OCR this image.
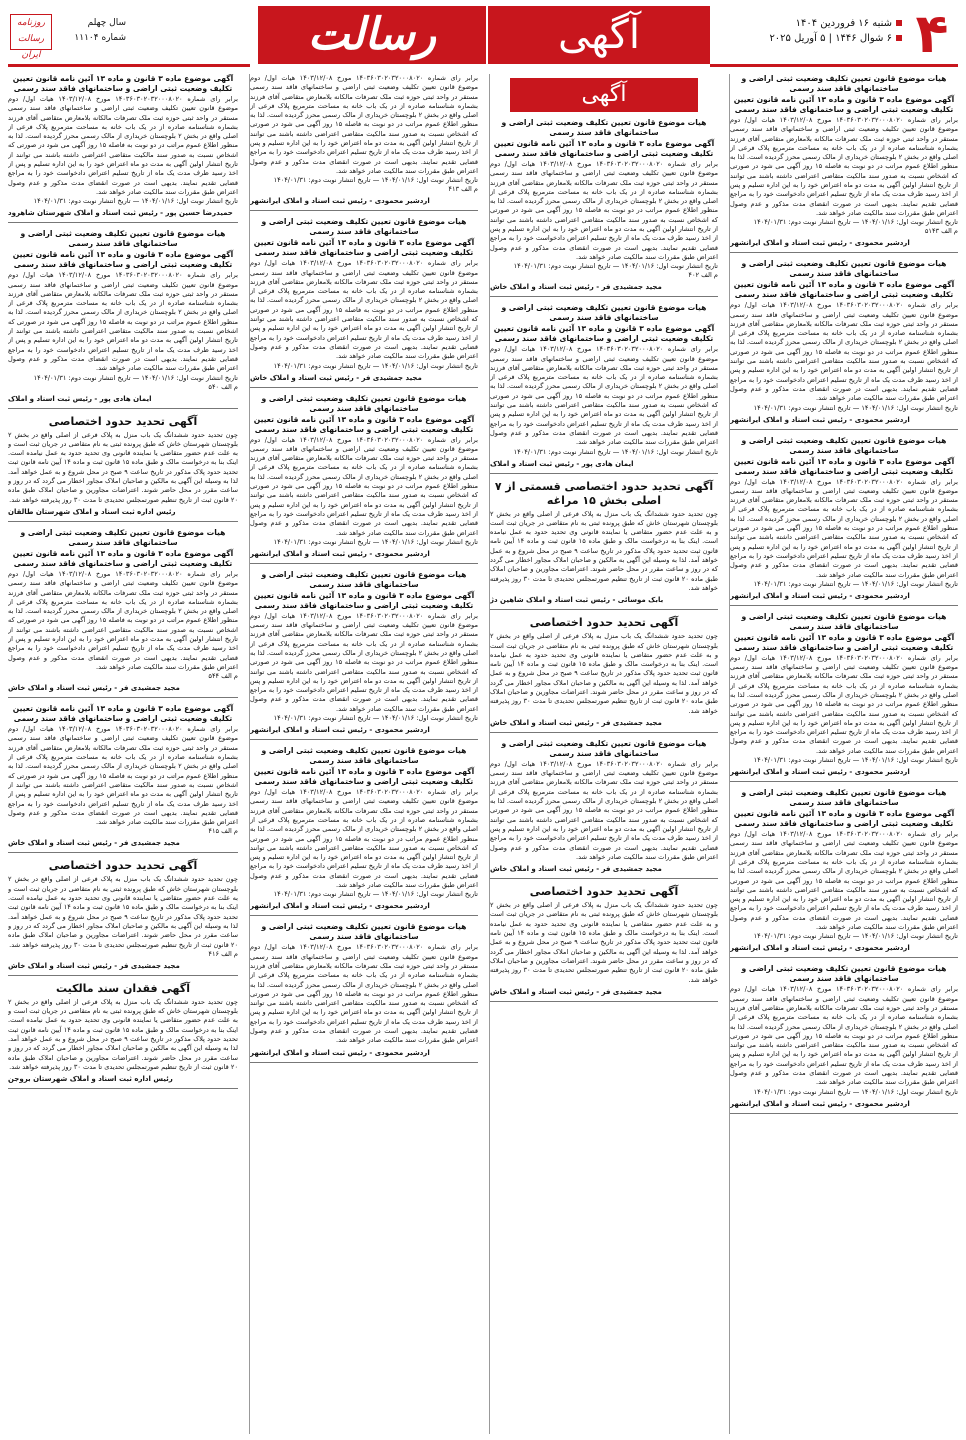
۴
شنبه ۱۶ فروردین ۱۴۰۴
۶ شوال ۱۴۴۶ | ۵ آوریل ۲۰۲۵
آگهی
رسالت
روزنامه رسالت ایران
سال چهلم
شماره ۱۱۱۰۴
هیات موضوع قانون تعیین تکلیف وضعیت ثبتی اراضی و ساختمانهای فاقد سند رسمی
آگهی موضوع ماده ۳ قانون و ماده ۱۳ آئین نامه قانون تعیین تکلیف وضعیت ثبتی اراضی و ساختمانهای فاقد سند رسمی
برابر رای شماره ۱۴۰۳۶۰۳۰۲۰۳۲۰۰۰۸۰۲۰ مورخ ۱۴۰۳/۱۲/۰۸ هیات اول/ دوم موضوع قانون تعیین تکلیف وضعیت ثبتی اراضی و ساختمانهای فاقد سند رسمی مستقر در واحد ثبتی حوزه ثبت ملک تصرفات مالکانه بلامعارض متقاضی آقای فرزند بشماره شناسنامه صادره از در یک باب خانه به مساحت مترمربع پلاک فرعی از اصلی واقع در بخش ۲ بلوچستان خریداری از مالک رسمی محرز گردیده است. لذا به منظور اطلاع عموم مراتب در دو نوبت به فاصله ۱۵ روز آگهی می شود در صورتی که اشخاص نسبت به صدور سند مالکیت متقاضی اعتراضی داشته باشند می توانند از تاریخ انتشار اولین آگهی به مدت دو ماه اعتراض خود را به این اداره تسلیم و پس از اخذ رسید ظرف مدت یک ماه از تاریخ تسلیم اعتراض دادخواست خود را به مراجع قضایی تقدیم نمایند. بدیهی است در صورت انقضای مدت مذکور و عدم وصول اعتراض طبق مقررات سند مالکیت صادر خواهد شد.
تاریخ انتشار نوبت اول: ۱۴۰۴/۰۱/۱۶ — تاریخ انتشار نوبت دوم: ۱۴۰۴/۰۱/۳۱
م الف ۵۱۴۳
اردشیر محمودی - رئیس ثبت اسناد و املاک ایرانشهر
هیات موضوع قانون تعیین تکلیف وضعیت ثبتی اراضی و ساختمانهای فاقد سند رسمی
آگهی موضوع ماده ۳ قانون و ماده ۱۳ آئین نامه قانون تعیین تکلیف وضعیت ثبتی اراضی و ساختمانهای فاقد سند رسمی
برابر رای شماره ۱۴۰۳۶۰۳۰۲۰۳۲۰۰۰۸۰۲۰ مورخ ۱۴۰۳/۱۲/۰۸ هیات اول/ دوم موضوع قانون تعیین تکلیف وضعیت ثبتی اراضی و ساختمانهای فاقد سند رسمی مستقر در واحد ثبتی حوزه ثبت ملک تصرفات مالکانه بلامعارض متقاضی آقای فرزند بشماره شناسنامه صادره از در یک باب خانه به مساحت مترمربع پلاک فرعی از اصلی واقع در بخش ۲ بلوچستان خریداری از مالک رسمی محرز گردیده است. لذا به منظور اطلاع عموم مراتب در دو نوبت به فاصله ۱۵ روز آگهی می شود در صورتی که اشخاص نسبت به صدور سند مالکیت متقاضی اعتراضی داشته باشند می توانند از تاریخ انتشار اولین آگهی به مدت دو ماه اعتراض خود را به این اداره تسلیم و پس از اخذ رسید ظرف مدت یک ماه از تاریخ تسلیم اعتراض دادخواست خود را به مراجع قضایی تقدیم نمایند. بدیهی است در صورت انقضای مدت مذکور و عدم وصول اعتراض طبق مقررات سند مالکیت صادر خواهد شد.
تاریخ انتشار نوبت اول: ۱۴۰۴/۰۱/۱۶ — تاریخ انتشار نوبت دوم: ۱۴۰۴/۰۱/۳۱
اردشیر محمودی - رئیس ثبت اسناد و املاک ایرانشهر
هیات موضوع قانون تعیین تکلیف وضعیت ثبتی اراضی و ساختمانهای فاقد سند رسمی
آگهی موضوع ماده ۳ قانون و ماده ۱۳ آئین نامه قانون تعیین تکلیف وضعیت ثبتی اراضی و ساختمانهای فاقد سند رسمی
برابر رای شماره ۱۴۰۳۶۰۳۰۲۰۳۲۰۰۰۸۰۲۰ مورخ ۱۴۰۳/۱۲/۰۸ هیات اول/ دوم موضوع قانون تعیین تکلیف وضعیت ثبتی اراضی و ساختمانهای فاقد سند رسمی مستقر در واحد ثبتی حوزه ثبت ملک تصرفات مالکانه بلامعارض متقاضی آقای فرزند بشماره شناسنامه صادره از در یک باب خانه به مساحت مترمربع پلاک فرعی از اصلی واقع در بخش ۲ بلوچستان خریداری از مالک رسمی محرز گردیده است. لذا به منظور اطلاع عموم مراتب در دو نوبت به فاصله ۱۵ روز آگهی می شود در صورتی که اشخاص نسبت به صدور سند مالکیت متقاضی اعتراضی داشته باشند می توانند از تاریخ انتشار اولین آگهی به مدت دو ماه اعتراض خود را به این اداره تسلیم و پس از اخذ رسید ظرف مدت یک ماه از تاریخ تسلیم اعتراض دادخواست خود را به مراجع قضایی تقدیم نمایند. بدیهی است در صورت انقضای مدت مذکور و عدم وصول اعتراض طبق مقررات سند مالکیت صادر خواهد شد.
تاریخ انتشار نوبت اول: ۱۴۰۴/۰۱/۱۶ — تاریخ انتشار نوبت دوم: ۱۴۰۴/۰۱/۳۱
اردشیر محمودی - رئیس ثبت اسناد و املاک ایرانشهر
هیات موضوع قانون تعیین تکلیف وضعیت ثبتی اراضی و ساختمانهای فاقد سند رسمی
آگهی موضوع ماده ۳ قانون و ماده ۱۳ آئین نامه قانون تعیین تکلیف وضعیت ثبتی اراضی و ساختمانهای فاقد سند رسمی
برابر رای شماره ۱۴۰۳۶۰۳۰۲۰۳۲۰۰۰۸۰۲۰ مورخ ۱۴۰۳/۱۲/۰۸ هیات اول/ دوم موضوع قانون تعیین تکلیف وضعیت ثبتی اراضی و ساختمانهای فاقد سند رسمی مستقر در واحد ثبتی حوزه ثبت ملک تصرفات مالکانه بلامعارض متقاضی آقای فرزند بشماره شناسنامه صادره از در یک باب خانه به مساحت مترمربع پلاک فرعی از اصلی واقع در بخش ۲ بلوچستان خریداری از مالک رسمی محرز گردیده است. لذا به منظور اطلاع عموم مراتب در دو نوبت به فاصله ۱۵ روز آگهی می شود در صورتی که اشخاص نسبت به صدور سند مالکیت متقاضی اعتراضی داشته باشند می توانند از تاریخ انتشار اولین آگهی به مدت دو ماه اعتراض خود را به این اداره تسلیم و پس از اخذ رسید ظرف مدت یک ماه از تاریخ تسلیم اعتراض دادخواست خود را به مراجع قضایی تقدیم نمایند. بدیهی است در صورت انقضای مدت مذکور و عدم وصول اعتراض طبق مقررات سند مالکیت صادر خواهد شد.
تاریخ انتشار نوبت اول: ۱۴۰۴/۰۱/۱۶ — تاریخ انتشار نوبت دوم: ۱۴۰۴/۰۱/۳۱
اردشیر محمودی - رئیس ثبت اسناد و املاک ایرانشهر
هیات موضوع قانون تعیین تکلیف وضعیت ثبتی اراضی و ساختمانهای فاقد سند رسمی
آگهی موضوع ماده ۳ قانون و ماده ۱۳ آئین نامه قانون تعیین تکلیف وضعیت ثبتی اراضی و ساختمانهای فاقد سند رسمی
برابر رای شماره ۱۴۰۳۶۰۳۰۲۰۳۲۰۰۰۸۰۲۰ مورخ ۱۴۰۳/۱۲/۰۸ هیات اول/ دوم موضوع قانون تعیین تکلیف وضعیت ثبتی اراضی و ساختمانهای فاقد سند رسمی مستقر در واحد ثبتی حوزه ثبت ملک تصرفات مالکانه بلامعارض متقاضی آقای فرزند بشماره شناسنامه صادره از در یک باب خانه به مساحت مترمربع پلاک فرعی از اصلی واقع در بخش ۲ بلوچستان خریداری از مالک رسمی محرز گردیده است. لذا به منظور اطلاع عموم مراتب در دو نوبت به فاصله ۱۵ روز آگهی می شود در صورتی که اشخاص نسبت به صدور سند مالکیت متقاضی اعتراضی داشته باشند می توانند از تاریخ انتشار اولین آگهی به مدت دو ماه اعتراض خود را به این اداره تسلیم و پس از اخذ رسید ظرف مدت یک ماه از تاریخ تسلیم اعتراض دادخواست خود را به مراجع قضایی تقدیم نمایند. بدیهی است در صورت انقضای مدت مذکور و عدم وصول اعتراض طبق مقررات سند مالکیت صادر خواهد شد.
تاریخ انتشار نوبت اول: ۱۴۰۴/۰۱/۱۶ — تاریخ انتشار نوبت دوم: ۱۴۰۴/۰۱/۳۱
اردشیر محمودی - رئیس ثبت اسناد و املاک ایرانشهر
هیات موضوع قانون تعیین تکلیف وضعیت ثبتی اراضی و ساختمانهای فاقد سند رسمی
برابر رای شماره ۱۴۰۳۶۰۳۰۲۰۳۲۰۰۰۸۰۲۰ مورخ ۱۴۰۳/۱۲/۰۸ هیات اول/ دوم موضوع قانون تعیین تکلیف وضعیت ثبتی اراضی و ساختمانهای فاقد سند رسمی مستقر در واحد ثبتی حوزه ثبت ملک تصرفات مالکانه بلامعارض متقاضی آقای فرزند بشماره شناسنامه صادره از در یک باب خانه به مساحت مترمربع پلاک فرعی از اصلی واقع در بخش ۲ بلوچستان خریداری از مالک رسمی محرز گردیده است. لذا به منظور اطلاع عموم مراتب در دو نوبت به فاصله ۱۵ روز آگهی می شود در صورتی که اشخاص نسبت به صدور سند مالکیت متقاضی اعتراضی داشته باشند می توانند از تاریخ انتشار اولین آگهی به مدت دو ماه اعتراض خود را به این اداره تسلیم و پس از اخذ رسید ظرف مدت یک ماه از تاریخ تسلیم اعتراض دادخواست خود را به مراجع قضایی تقدیم نمایند. بدیهی است در صورت انقضای مدت مذکور و عدم وصول اعتراض طبق مقررات سند مالکیت صادر خواهد شد.
تاریخ انتشار نوبت اول: ۱۴۰۴/۰۱/۱۶ — تاریخ انتشار نوبت دوم: ۱۴۰۴/۰۱/۳۱
اردشیر محمودی - رئیس ثبت اسناد و املاک ایرانشهر
آگهی
هیات موضوع قانون تعیین تکلیف وضعیت ثبتی اراضی و ساختمانهای فاقد سند رسمی
آگهی موضوع ماده ۳ قانون و ماده ۱۳ آئین نامه قانون تعیین تکلیف وضعیت ثبتی اراضی و ساختمانهای فاقد سند رسمی
برابر رای شماره ۱۴۰۳۶۰۳۰۲۰۳۲۰۰۰۸۰۲۰ مورخ ۱۴۰۳/۱۲/۰۸ هیات اول/ دوم موضوع قانون تعیین تکلیف وضعیت ثبتی اراضی و ساختمانهای فاقد سند رسمی مستقر در واحد ثبتی حوزه ثبت ملک تصرفات مالکانه بلامعارض متقاضی آقای فرزند بشماره شناسنامه صادره از در یک باب خانه به مساحت مترمربع پلاک فرعی از اصلی واقع در بخش ۲ بلوچستان خریداری از مالک رسمی محرز گردیده است. لذا به منظور اطلاع عموم مراتب در دو نوبت به فاصله ۱۵ روز آگهی می شود در صورتی که اشخاص نسبت به صدور سند مالکیت متقاضی اعتراضی داشته باشند می توانند از تاریخ انتشار اولین آگهی به مدت دو ماه اعتراض خود را به این اداره تسلیم و پس از اخذ رسید ظرف مدت یک ماه از تاریخ تسلیم اعتراض دادخواست خود را به مراجع قضایی تقدیم نمایند. بدیهی است در صورت انقضای مدت مذکور و عدم وصول اعتراض طبق مقررات سند مالکیت صادر خواهد شد.
تاریخ انتشار نوبت اول: ۱۴۰۴/۰۱/۱۶ — تاریخ انتشار نوبت دوم: ۱۴۰۴/۰۱/۳۱
م الف ۴۰۲
مجید جمشیدی فر - رئیس ثبت اسناد و املاک خاش
هیات موضوع قانون تعیین تکلیف وضعیت ثبتی اراضی و ساختمانهای فاقد سند رسمی
آگهی موضوع ماده ۳ قانون و ماده ۱۳ آئین نامه قانون تعیین تکلیف وضعیت ثبتی اراضی و ساختمانهای فاقد سند رسمی
برابر رای شماره ۱۴۰۳۶۰۳۰۲۰۳۲۰۰۰۸۰۲۰ مورخ ۱۴۰۳/۱۲/۰۸ هیات اول/ دوم موضوع قانون تعیین تکلیف وضعیت ثبتی اراضی و ساختمانهای فاقد سند رسمی مستقر در واحد ثبتی حوزه ثبت ملک تصرفات مالکانه بلامعارض متقاضی آقای فرزند بشماره شناسنامه صادره از در یک باب خانه به مساحت مترمربع پلاک فرعی از اصلی واقع در بخش ۲ بلوچستان خریداری از مالک رسمی محرز گردیده است. لذا به منظور اطلاع عموم مراتب در دو نوبت به فاصله ۱۵ روز آگهی می شود در صورتی که اشخاص نسبت به صدور سند مالکیت متقاضی اعتراضی داشته باشند می توانند از تاریخ انتشار اولین آگهی به مدت دو ماه اعتراض خود را به این اداره تسلیم و پس از اخذ رسید ظرف مدت یک ماه از تاریخ تسلیم اعتراض دادخواست خود را به مراجع قضایی تقدیم نمایند. بدیهی است در صورت انقضای مدت مذکور و عدم وصول اعتراض طبق مقررات سند مالکیت صادر خواهد شد.
تاریخ انتشار نوبت اول: ۱۴۰۴/۰۱/۱۶ — تاریخ انتشار نوبت دوم: ۱۴۰۴/۰۱/۳۱
ایمان هادی پور - رئیس ثبت اسناد و املاک
آگهی تحدید حدود اختصاصی قسمتی از ۷ اصلی بخش ۱۵ مراغه
چون تحدید حدود ششدانگ یک باب منزل به پلاک فرعی از اصلی واقع در بخش ۲ بلوچستان شهرستان خاش که طبق پرونده ثبتی به نام متقاضی در جریان ثبت است و به علت عدم حضور متقاضی یا نماینده قانونی وی تحدید حدود به عمل نیامده است. اینک بنا به درخواست مالک و طبق ماده ۱۵ قانون ثبت و ماده ۱۴ آیین نامه قانون ثبت تحدید حدود پلاک مذکور در تاریخ ساعت ۹ صبح در محل شروع و به عمل خواهد آمد. لذا به وسیله این آگهی به مالکین و صاحبان املاک مجاور اخطار می گردد که در روز و ساعت مقرر در محل حاضر شوند. اعتراضات مجاورین و صاحبان املاک طبق ماده ۲۰ قانون ثبت از تاریخ تنظیم صورتمجلس تحدیدی تا مدت ۳۰ روز پذیرفته خواهد شد.
بابک موسائی - رئیس ثبت اسناد و املاک شاهین دژ
آگهی تحدید حدود اختصاصی
چون تحدید حدود ششدانگ یک باب منزل به پلاک فرعی از اصلی واقع در بخش ۲ بلوچستان شهرستان خاش که طبق پرونده ثبتی به نام متقاضی در جریان ثبت است و به علت عدم حضور متقاضی یا نماینده قانونی وی تحدید حدود به عمل نیامده است. اینک بنا به درخواست مالک و طبق ماده ۱۵ قانون ثبت و ماده ۱۴ آیین نامه قانون ثبت تحدید حدود پلاک مذکور در تاریخ ساعت ۹ صبح در محل شروع و به عمل خواهد آمد. لذا به وسیله این آگهی به مالکین و صاحبان املاک مجاور اخطار می گردد که در روز و ساعت مقرر در محل حاضر شوند. اعتراضات مجاورین و صاحبان املاک طبق ماده ۲۰ قانون ثبت از تاریخ تنظیم صورتمجلس تحدیدی تا مدت ۳۰ روز پذیرفته خواهد شد.
مجید جمشیدی فر - رئیس ثبت اسناد و املاک خاش
هیات موضوع قانون تعیین تکلیف وضعیت ثبتی اراضی و ساختمانهای فاقد سند رسمی
برابر رای شماره ۱۴۰۳۶۰۳۰۲۰۳۲۰۰۰۸۰۲۰ مورخ ۱۴۰۳/۱۲/۰۸ هیات اول/ دوم موضوع قانون تعیین تکلیف وضعیت ثبتی اراضی و ساختمانهای فاقد سند رسمی مستقر در واحد ثبتی حوزه ثبت ملک تصرفات مالکانه بلامعارض متقاضی آقای فرزند بشماره شناسنامه صادره از در یک باب خانه به مساحت مترمربع پلاک فرعی از اصلی واقع در بخش ۲ بلوچستان خریداری از مالک رسمی محرز گردیده است. لذا به منظور اطلاع عموم مراتب در دو نوبت به فاصله ۱۵ روز آگهی می شود در صورتی که اشخاص نسبت به صدور سند مالکیت متقاضی اعتراضی داشته باشند می توانند از تاریخ انتشار اولین آگهی به مدت دو ماه اعتراض خود را به این اداره تسلیم و پس از اخذ رسید ظرف مدت یک ماه از تاریخ تسلیم اعتراض دادخواست خود را به مراجع قضایی تقدیم نمایند. بدیهی است در صورت انقضای مدت مذکور و عدم وصول اعتراض طبق مقررات سند مالکیت صادر خواهد شد.
مجید جمشیدی فر - رئیس ثبت اسناد و املاک خاش
آگهی تحدید حدود اختصاصی
چون تحدید حدود ششدانگ یک باب منزل به پلاک فرعی از اصلی واقع در بخش ۲ بلوچستان شهرستان خاش که طبق پرونده ثبتی به نام متقاضی در جریان ثبت است و به علت عدم حضور متقاضی یا نماینده قانونی وی تحدید حدود به عمل نیامده است. اینک بنا به درخواست مالک و طبق ماده ۱۵ قانون ثبت و ماده ۱۴ آیین نامه قانون ثبت تحدید حدود پلاک مذکور در تاریخ ساعت ۹ صبح در محل شروع و به عمل خواهد آمد. لذا به وسیله این آگهی به مالکین و صاحبان املاک مجاور اخطار می گردد که در روز و ساعت مقرر در محل حاضر شوند. اعتراضات مجاورین و صاحبان املاک طبق ماده ۲۰ قانون ثبت از تاریخ تنظیم صورتمجلس تحدیدی تا مدت ۳۰ روز پذیرفته خواهد شد.
مجید جمشیدی فر - رئیس ثبت اسناد و املاک خاش
برابر رای شماره ۱۴۰۳۶۰۳۰۲۰۳۲۰۰۰۸۰۲۰ مورخ ۱۴۰۳/۱۲/۰۸ هیات اول/ دوم موضوع قانون تعیین تکلیف وضعیت ثبتی اراضی و ساختمانهای فاقد سند رسمی مستقر در واحد ثبتی حوزه ثبت ملک تصرفات مالکانه بلامعارض متقاضی آقای فرزند بشماره شناسنامه صادره از در یک باب خانه به مساحت مترمربع پلاک فرعی از اصلی واقع در بخش ۲ بلوچستان خریداری از مالک رسمی محرز گردیده است. لذا به منظور اطلاع عموم مراتب در دو نوبت به فاصله ۱۵ روز آگهی می شود در صورتی که اشخاص نسبت به صدور سند مالکیت متقاضی اعتراضی داشته باشند می توانند از تاریخ انتشار اولین آگهی به مدت دو ماه اعتراض خود را به این اداره تسلیم و پس از اخذ رسید ظرف مدت یک ماه از تاریخ تسلیم اعتراض دادخواست خود را به مراجع قضایی تقدیم نمایند. بدیهی است در صورت انقضای مدت مذکور و عدم وصول اعتراض طبق مقررات سند مالکیت صادر خواهد شد.
تاریخ انتشار نوبت اول: ۱۴۰۴/۰۱/۱۶ — تاریخ انتشار نوبت دوم: ۱۴۰۴/۰۱/۳۱
م الف ۴۱۳
اردشیر محمودی - رئیس ثبت اسناد و املاک ایرانشهر
هیات موضوع قانون تعیین تکلیف وضعیت ثبتی اراضی و ساختمانهای فاقد سند رسمی
آگهی موضوع ماده ۳ قانون و ماده ۱۳ آئین نامه قانون تعیین تکلیف وضعیت ثبتی اراضی و ساختمانهای فاقد سند رسمی
برابر رای شماره ۱۴۰۳۶۰۳۰۲۰۳۲۰۰۰۸۰۲۰ مورخ ۱۴۰۳/۱۲/۰۸ هیات اول/ دوم موضوع قانون تعیین تکلیف وضعیت ثبتی اراضی و ساختمانهای فاقد سند رسمی مستقر در واحد ثبتی حوزه ثبت ملک تصرفات مالکانه بلامعارض متقاضی آقای فرزند بشماره شناسنامه صادره از در یک باب خانه به مساحت مترمربع پلاک فرعی از اصلی واقع در بخش ۲ بلوچستان خریداری از مالک رسمی محرز گردیده است. لذا به منظور اطلاع عموم مراتب در دو نوبت به فاصله ۱۵ روز آگهی می شود در صورتی که اشخاص نسبت به صدور سند مالکیت متقاضی اعتراضی داشته باشند می توانند از تاریخ انتشار اولین آگهی به مدت دو ماه اعتراض خود را به این اداره تسلیم و پس از اخذ رسید ظرف مدت یک ماه از تاریخ تسلیم اعتراض دادخواست خود را به مراجع قضایی تقدیم نمایند. بدیهی است در صورت انقضای مدت مذکور و عدم وصول اعتراض طبق مقررات سند مالکیت صادر خواهد شد.
تاریخ انتشار نوبت اول: ۱۴۰۴/۰۱/۱۶ — تاریخ انتشار نوبت دوم: ۱۴۰۴/۰۱/۳۱
مجید جمشیدی فر - رئیس ثبت اسناد و املاک خاش
هیات موضوع قانون تعیین تکلیف وضعیت ثبتی اراضی و ساختمانهای فاقد سند رسمی
آگهی موضوع ماده ۳ قانون و ماده ۱۳ آئین نامه قانون تعیین تکلیف وضعیت ثبتی اراضی و ساختمانهای فاقد سند رسمی
برابر رای شماره ۱۴۰۳۶۰۳۰۲۰۳۲۰۰۰۸۰۲۰ مورخ ۱۴۰۳/۱۲/۰۸ هیات اول/ دوم موضوع قانون تعیین تکلیف وضعیت ثبتی اراضی و ساختمانهای فاقد سند رسمی مستقر در واحد ثبتی حوزه ثبت ملک تصرفات مالکانه بلامعارض متقاضی آقای فرزند بشماره شناسنامه صادره از در یک باب خانه به مساحت مترمربع پلاک فرعی از اصلی واقع در بخش ۲ بلوچستان خریداری از مالک رسمی محرز گردیده است. لذا به منظور اطلاع عموم مراتب در دو نوبت به فاصله ۱۵ روز آگهی می شود در صورتی که اشخاص نسبت به صدور سند مالکیت متقاضی اعتراضی داشته باشند می توانند از تاریخ انتشار اولین آگهی به مدت دو ماه اعتراض خود را به این اداره تسلیم و پس از اخذ رسید ظرف مدت یک ماه از تاریخ تسلیم اعتراض دادخواست خود را به مراجع قضایی تقدیم نمایند. بدیهی است در صورت انقضای مدت مذکور و عدم وصول اعتراض طبق مقررات سند مالکیت صادر خواهد شد.
تاریخ انتشار نوبت اول: ۱۴۰۴/۰۱/۱۶ — تاریخ انتشار نوبت دوم: ۱۴۰۴/۰۱/۳۱
اردشیر محمودی - رئیس ثبت اسناد و املاک ایرانشهر
هیات موضوع قانون تعیین تکلیف وضعیت ثبتی اراضی و ساختمانهای فاقد سند رسمی
آگهی موضوع ماده ۳ قانون و ماده ۱۳ آئین نامه قانون تعیین تکلیف وضعیت ثبتی اراضی و ساختمانهای فاقد سند رسمی
برابر رای شماره ۱۴۰۳۶۰۳۰۲۰۳۲۰۰۰۸۰۲۰ مورخ ۱۴۰۳/۱۲/۰۸ هیات اول/ دوم موضوع قانون تعیین تکلیف وضعیت ثبتی اراضی و ساختمانهای فاقد سند رسمی مستقر در واحد ثبتی حوزه ثبت ملک تصرفات مالکانه بلامعارض متقاضی آقای فرزند بشماره شناسنامه صادره از در یک باب خانه به مساحت مترمربع پلاک فرعی از اصلی واقع در بخش ۲ بلوچستان خریداری از مالک رسمی محرز گردیده است. لذا به منظور اطلاع عموم مراتب در دو نوبت به فاصله ۱۵ روز آگهی می شود در صورتی که اشخاص نسبت به صدور سند مالکیت متقاضی اعتراضی داشته باشند می توانند از تاریخ انتشار اولین آگهی به مدت دو ماه اعتراض خود را به این اداره تسلیم و پس از اخذ رسید ظرف مدت یک ماه از تاریخ تسلیم اعتراض دادخواست خود را به مراجع قضایی تقدیم نمایند. بدیهی است در صورت انقضای مدت مذکور و عدم وصول اعتراض طبق مقررات سند مالکیت صادر خواهد شد.
تاریخ انتشار نوبت اول: ۱۴۰۴/۰۱/۱۶ — تاریخ انتشار نوبت دوم: ۱۴۰۴/۰۱/۳۱
اردشیر محمودی - رئیس ثبت اسناد و املاک ایرانشهر
هیات موضوع قانون تعیین تکلیف وضعیت ثبتی اراضی و ساختمانهای فاقد سند رسمی
آگهی موضوع ماده ۳ قانون و ماده ۱۳ آئین نامه قانون تعیین تکلیف وضعیت ثبتی اراضی و ساختمانهای فاقد سند رسمی
برابر رای شماره ۱۴۰۳۶۰۳۰۲۰۳۲۰۰۰۸۰۲۰ مورخ ۱۴۰۳/۱۲/۰۸ هیات اول/ دوم موضوع قانون تعیین تکلیف وضعیت ثبتی اراضی و ساختمانهای فاقد سند رسمی مستقر در واحد ثبتی حوزه ثبت ملک تصرفات مالکانه بلامعارض متقاضی آقای فرزند بشماره شناسنامه صادره از در یک باب خانه به مساحت مترمربع پلاک فرعی از اصلی واقع در بخش ۲ بلوچستان خریداری از مالک رسمی محرز گردیده است. لذا به منظور اطلاع عموم مراتب در دو نوبت به فاصله ۱۵ روز آگهی می شود در صورتی که اشخاص نسبت به صدور سند مالکیت متقاضی اعتراضی داشته باشند می توانند از تاریخ انتشار اولین آگهی به مدت دو ماه اعتراض خود را به این اداره تسلیم و پس از اخذ رسید ظرف مدت یک ماه از تاریخ تسلیم اعتراض دادخواست خود را به مراجع قضایی تقدیم نمایند. بدیهی است در صورت انقضای مدت مذکور و عدم وصول اعتراض طبق مقررات سند مالکیت صادر خواهد شد.
تاریخ انتشار نوبت اول: ۱۴۰۴/۰۱/۱۶ — تاریخ انتشار نوبت دوم: ۱۴۰۴/۰۱/۳۱
اردشیر محمودی - رئیس ثبت اسناد و املاک ایرانشهر
هیات موضوع قانون تعیین تکلیف وضعیت ثبتی اراضی و ساختمانهای فاقد سند رسمی
برابر رای شماره ۱۴۰۳۶۰۳۰۲۰۳۲۰۰۰۸۰۲۰ مورخ ۱۴۰۳/۱۲/۰۸ هیات اول/ دوم موضوع قانون تعیین تکلیف وضعیت ثبتی اراضی و ساختمانهای فاقد سند رسمی مستقر در واحد ثبتی حوزه ثبت ملک تصرفات مالکانه بلامعارض متقاضی آقای فرزند بشماره شناسنامه صادره از در یک باب خانه به مساحت مترمربع پلاک فرعی از اصلی واقع در بخش ۲ بلوچستان خریداری از مالک رسمی محرز گردیده است. لذا به منظور اطلاع عموم مراتب در دو نوبت به فاصله ۱۵ روز آگهی می شود در صورتی که اشخاص نسبت به صدور سند مالکیت متقاضی اعتراضی داشته باشند می توانند از تاریخ انتشار اولین آگهی به مدت دو ماه اعتراض خود را به این اداره تسلیم و پس از اخذ رسید ظرف مدت یک ماه از تاریخ تسلیم اعتراض دادخواست خود را به مراجع قضایی تقدیم نمایند. بدیهی است در صورت انقضای مدت مذکور و عدم وصول اعتراض طبق مقررات سند مالکیت صادر خواهد شد.
اردشیر محمودی - رئیس ثبت اسناد و املاک ایرانشهر
آگهی موضوع ماده ۳ قانون و ماده ۱۳ آئین نامه قانون تعیین تکلیف وضعیت ثبتی اراضی و ساختمانهای فاقد سند رسمی
برابر رای شماره ۱۴۰۳۶۰۳۰۲۰۳۲۰۰۰۸۰۲۰ مورخ ۱۴۰۳/۱۲/۰۸ هیات اول/ دوم موضوع قانون تعیین تکلیف وضعیت ثبتی اراضی و ساختمانهای فاقد سند رسمی مستقر در واحد ثبتی حوزه ثبت ملک تصرفات مالکانه بلامعارض متقاضی آقای فرزند بشماره شناسنامه صادره از در یک باب خانه به مساحت مترمربع پلاک فرعی از اصلی واقع در بخش ۲ بلوچستان خریداری از مالک رسمی محرز گردیده است. لذا به منظور اطلاع عموم مراتب در دو نوبت به فاصله ۱۵ روز آگهی می شود در صورتی که اشخاص نسبت به صدور سند مالکیت متقاضی اعتراضی داشته باشند می توانند از تاریخ انتشار اولین آگهی به مدت دو ماه اعتراض خود را به این اداره تسلیم و پس از اخذ رسید ظرف مدت یک ماه از تاریخ تسلیم اعتراض دادخواست خود را به مراجع قضایی تقدیم نمایند. بدیهی است در صورت انقضای مدت مذکور و عدم وصول اعتراض طبق مقررات سند مالکیت صادر خواهد شد.
تاریخ انتشار نوبت اول: ۱۴۰۴/۰۱/۱۶ — تاریخ انتشار نوبت دوم: ۱۴۰۴/۰۱/۳۱
حمیدرضا حسین پور - رئیس ثبت اسناد و املاک شهرستان شاهرود
هیات موضوع قانون تعیین تکلیف وضعیت ثبتی اراضی و ساختمانهای فاقد سند رسمی
آگهی موضوع ماده ۳ قانون و ماده ۱۳ آئین نامه قانون تعیین تکلیف وضعیت ثبتی اراضی و ساختمانهای فاقد سند رسمی
برابر رای شماره ۱۴۰۳۶۰۳۰۲۰۳۲۰۰۰۸۰۲۰ مورخ ۱۴۰۳/۱۲/۰۸ هیات اول/ دوم موضوع قانون تعیین تکلیف وضعیت ثبتی اراضی و ساختمانهای فاقد سند رسمی مستقر در واحد ثبتی حوزه ثبت ملک تصرفات مالکانه بلامعارض متقاضی آقای فرزند بشماره شناسنامه صادره از در یک باب خانه به مساحت مترمربع پلاک فرعی از اصلی واقع در بخش ۲ بلوچستان خریداری از مالک رسمی محرز گردیده است. لذا به منظور اطلاع عموم مراتب در دو نوبت به فاصله ۱۵ روز آگهی می شود در صورتی که اشخاص نسبت به صدور سند مالکیت متقاضی اعتراضی داشته باشند می توانند از تاریخ انتشار اولین آگهی به مدت دو ماه اعتراض خود را به این اداره تسلیم و پس از اخذ رسید ظرف مدت یک ماه از تاریخ تسلیم اعتراض دادخواست خود را به مراجع قضایی تقدیم نمایند. بدیهی است در صورت انقضای مدت مذکور و عدم وصول اعتراض طبق مقررات سند مالکیت صادر خواهد شد.
تاریخ انتشار نوبت اول: ۱۴۰۴/۰۱/۱۶ — تاریخ انتشار نوبت دوم: ۱۴۰۴/۰۱/۳۱
م الف ۵۴۰
ایمان هادی پور - رئیس ثبت اسناد و املاک
آگهی تحدید حدود اختصاصی
چون تحدید حدود ششدانگ یک باب منزل به پلاک فرعی از اصلی واقع در بخش ۲ بلوچستان شهرستان خاش که طبق پرونده ثبتی به نام متقاضی در جریان ثبت است و به علت عدم حضور متقاضی یا نماینده قانونی وی تحدید حدود به عمل نیامده است. اینک بنا به درخواست مالک و طبق ماده ۱۵ قانون ثبت و ماده ۱۴ آیین نامه قانون ثبت تحدید حدود پلاک مذکور در تاریخ ساعت ۹ صبح در محل شروع و به عمل خواهد آمد. لذا به وسیله این آگهی به مالکین و صاحبان املاک مجاور اخطار می گردد که در روز و ساعت مقرر در محل حاضر شوند. اعتراضات مجاورین و صاحبان املاک طبق ماده ۲۰ قانون ثبت از تاریخ تنظیم صورتمجلس تحدیدی تا مدت ۳۰ روز پذیرفته خواهد شد.
رئیس اداره ثبت اسناد و املاک شهرستان طالقان
هیات موضوع قانون تعیین تکلیف وضعیت ثبتی اراضی و ساختمانهای فاقد سند رسمی
آگهی موضوع ماده ۳ قانون و ماده ۱۳ آئین نامه قانون تعیین تکلیف وضعیت ثبتی اراضی و ساختمانهای فاقد سند رسمی
برابر رای شماره ۱۴۰۳۶۰۳۰۲۰۳۲۰۰۰۸۰۲۰ مورخ ۱۴۰۳/۱۲/۰۸ هیات اول/ دوم موضوع قانون تعیین تکلیف وضعیت ثبتی اراضی و ساختمانهای فاقد سند رسمی مستقر در واحد ثبتی حوزه ثبت ملک تصرفات مالکانه بلامعارض متقاضی آقای فرزند بشماره شناسنامه صادره از در یک باب خانه به مساحت مترمربع پلاک فرعی از اصلی واقع در بخش ۲ بلوچستان خریداری از مالک رسمی محرز گردیده است. لذا به منظور اطلاع عموم مراتب در دو نوبت به فاصله ۱۵ روز آگهی می شود در صورتی که اشخاص نسبت به صدور سند مالکیت متقاضی اعتراضی داشته باشند می توانند از تاریخ انتشار اولین آگهی به مدت دو ماه اعتراض خود را به این اداره تسلیم و پس از اخذ رسید ظرف مدت یک ماه از تاریخ تسلیم اعتراض دادخواست خود را به مراجع قضایی تقدیم نمایند. بدیهی است در صورت انقضای مدت مذکور و عدم وصول اعتراض طبق مقررات سند مالکیت صادر خواهد شد.
م الف ۵۴۴
مجید جمشیدی فر - رئیس ثبت اسناد و املاک خاش
آگهی موضوع ماده ۳ قانون و ماده ۱۳ آئین نامه قانون تعیین تکلیف وضعیت ثبتی اراضی و ساختمانهای فاقد سند رسمی
برابر رای شماره ۱۴۰۳۶۰۳۰۲۰۳۲۰۰۰۸۰۲۰ مورخ ۱۴۰۳/۱۲/۰۸ هیات اول/ دوم موضوع قانون تعیین تکلیف وضعیت ثبتی اراضی و ساختمانهای فاقد سند رسمی مستقر در واحد ثبتی حوزه ثبت ملک تصرفات مالکانه بلامعارض متقاضی آقای فرزند بشماره شناسنامه صادره از در یک باب خانه به مساحت مترمربع پلاک فرعی از اصلی واقع در بخش ۲ بلوچستان خریداری از مالک رسمی محرز گردیده است. لذا به منظور اطلاع عموم مراتب در دو نوبت به فاصله ۱۵ روز آگهی می شود در صورتی که اشخاص نسبت به صدور سند مالکیت متقاضی اعتراضی داشته باشند می توانند از تاریخ انتشار اولین آگهی به مدت دو ماه اعتراض خود را به این اداره تسلیم و پس از اخذ رسید ظرف مدت یک ماه از تاریخ تسلیم اعتراض دادخواست خود را به مراجع قضایی تقدیم نمایند. بدیهی است در صورت انقضای مدت مذکور و عدم وصول اعتراض طبق مقررات سند مالکیت صادر خواهد شد.
م الف ۴۱۵
مجید جمشیدی فر - رئیس ثبت اسناد و املاک خاش
آگهی تحدید حدود اختصاصی
چون تحدید حدود ششدانگ یک باب منزل به پلاک فرعی از اصلی واقع در بخش ۲ بلوچستان شهرستان خاش که طبق پرونده ثبتی به نام متقاضی در جریان ثبت است و به علت عدم حضور متقاضی یا نماینده قانونی وی تحدید حدود به عمل نیامده است. اینک بنا به درخواست مالک و طبق ماده ۱۵ قانون ثبت و ماده ۱۴ آیین نامه قانون ثبت تحدید حدود پلاک مذکور در تاریخ ساعت ۹ صبح در محل شروع و به عمل خواهد آمد. لذا به وسیله این آگهی به مالکین و صاحبان املاک مجاور اخطار می گردد که در روز و ساعت مقرر در محل حاضر شوند. اعتراضات مجاورین و صاحبان املاک طبق ماده ۲۰ قانون ثبت از تاریخ تنظیم صورتمجلس تحدیدی تا مدت ۳۰ روز پذیرفته خواهد شد.
م الف ۴۱۶
مجید جمشیدی فر - رئیس ثبت اسناد و املاک خاش
آگهی فقدان سند مالکیت
چون تحدید حدود ششدانگ یک باب منزل به پلاک فرعی از اصلی واقع در بخش ۲ بلوچستان شهرستان خاش که طبق پرونده ثبتی به نام متقاضی در جریان ثبت است و به علت عدم حضور متقاضی یا نماینده قانونی وی تحدید حدود به عمل نیامده است. اینک بنا به درخواست مالک و طبق ماده ۱۵ قانون ثبت و ماده ۱۴ آیین نامه قانون ثبت تحدید حدود پلاک مذکور در تاریخ ساعت ۹ صبح در محل شروع و به عمل خواهد آمد. لذا به وسیله این آگهی به مالکین و صاحبان املاک مجاور اخطار می گردد که در روز و ساعت مقرر در محل حاضر شوند. اعتراضات مجاورین و صاحبان املاک طبق ماده ۲۰ قانون ثبت از تاریخ تنظیم صورتمجلس تحدیدی تا مدت ۳۰ روز پذیرفته خواهد شد.
رئیس اداره ثبت اسناد و املاک شهرستان بروجن
